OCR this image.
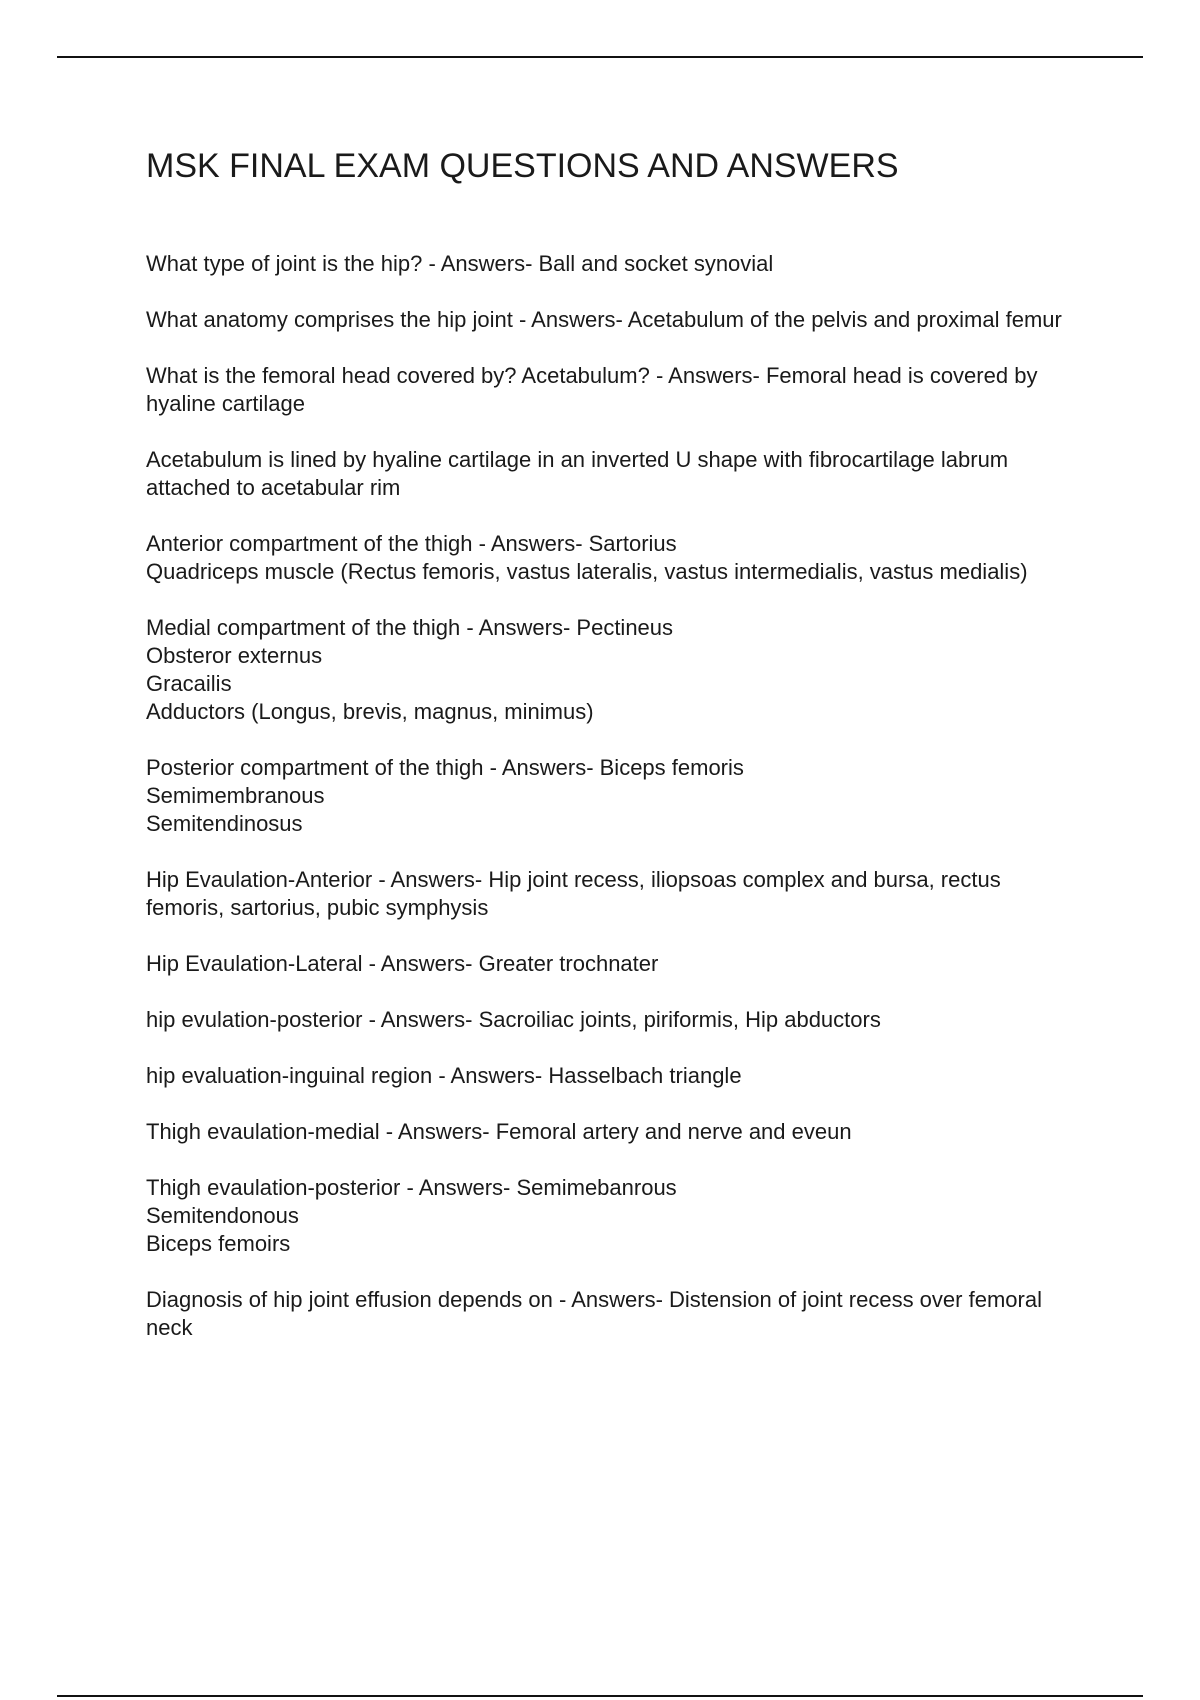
MSK FINAL EXAM QUESTIONS AND ANSWERS

What type of joint is the hip? - Answers- Ball and socket synovial

What anatomy comprises the hip joint - Answers- Acetabulum of the pelvis and proximal femur

What is the femoral head covered by? Acetabulum? - Answers- Femoral head is covered by hyaline cartilage

Acetabulum is lined by hyaline cartilage in an inverted U shape with fibrocartilage labrum attached to acetabular rim

Anterior compartment of the thigh - Answers- Sartorius
Quadriceps muscle (Rectus femoris, vastus lateralis, vastus intermedialis, vastus medialis)

Medial compartment of the thigh - Answers- Pectineus
Obsteror externus
Gracailis
Adductors (Longus, brevis, magnus, minimus)

Posterior compartment of the thigh - Answers- Biceps femoris
Semimembranous
Semitendinosus

Hip Evaulation-Anterior - Answers- Hip joint recess, iliopsoas complex and bursa, rectus femoris, sartorius, pubic symphysis

Hip Evaulation-Lateral - Answers- Greater trochnater

hip evulation-posterior - Answers- Sacroiliac joints, piriformis, Hip abductors

hip evaluation-inguinal region - Answers- Hasselbach triangle

Thigh evaulation-medial - Answers- Femoral artery and nerve and eveun

Thigh evaulation-posterior - Answers- Semimebanrous
Semitendonous
Biceps femoirs

Diagnosis of hip joint effusion depends on - Answers- Distension of joint recess over femoral neck
